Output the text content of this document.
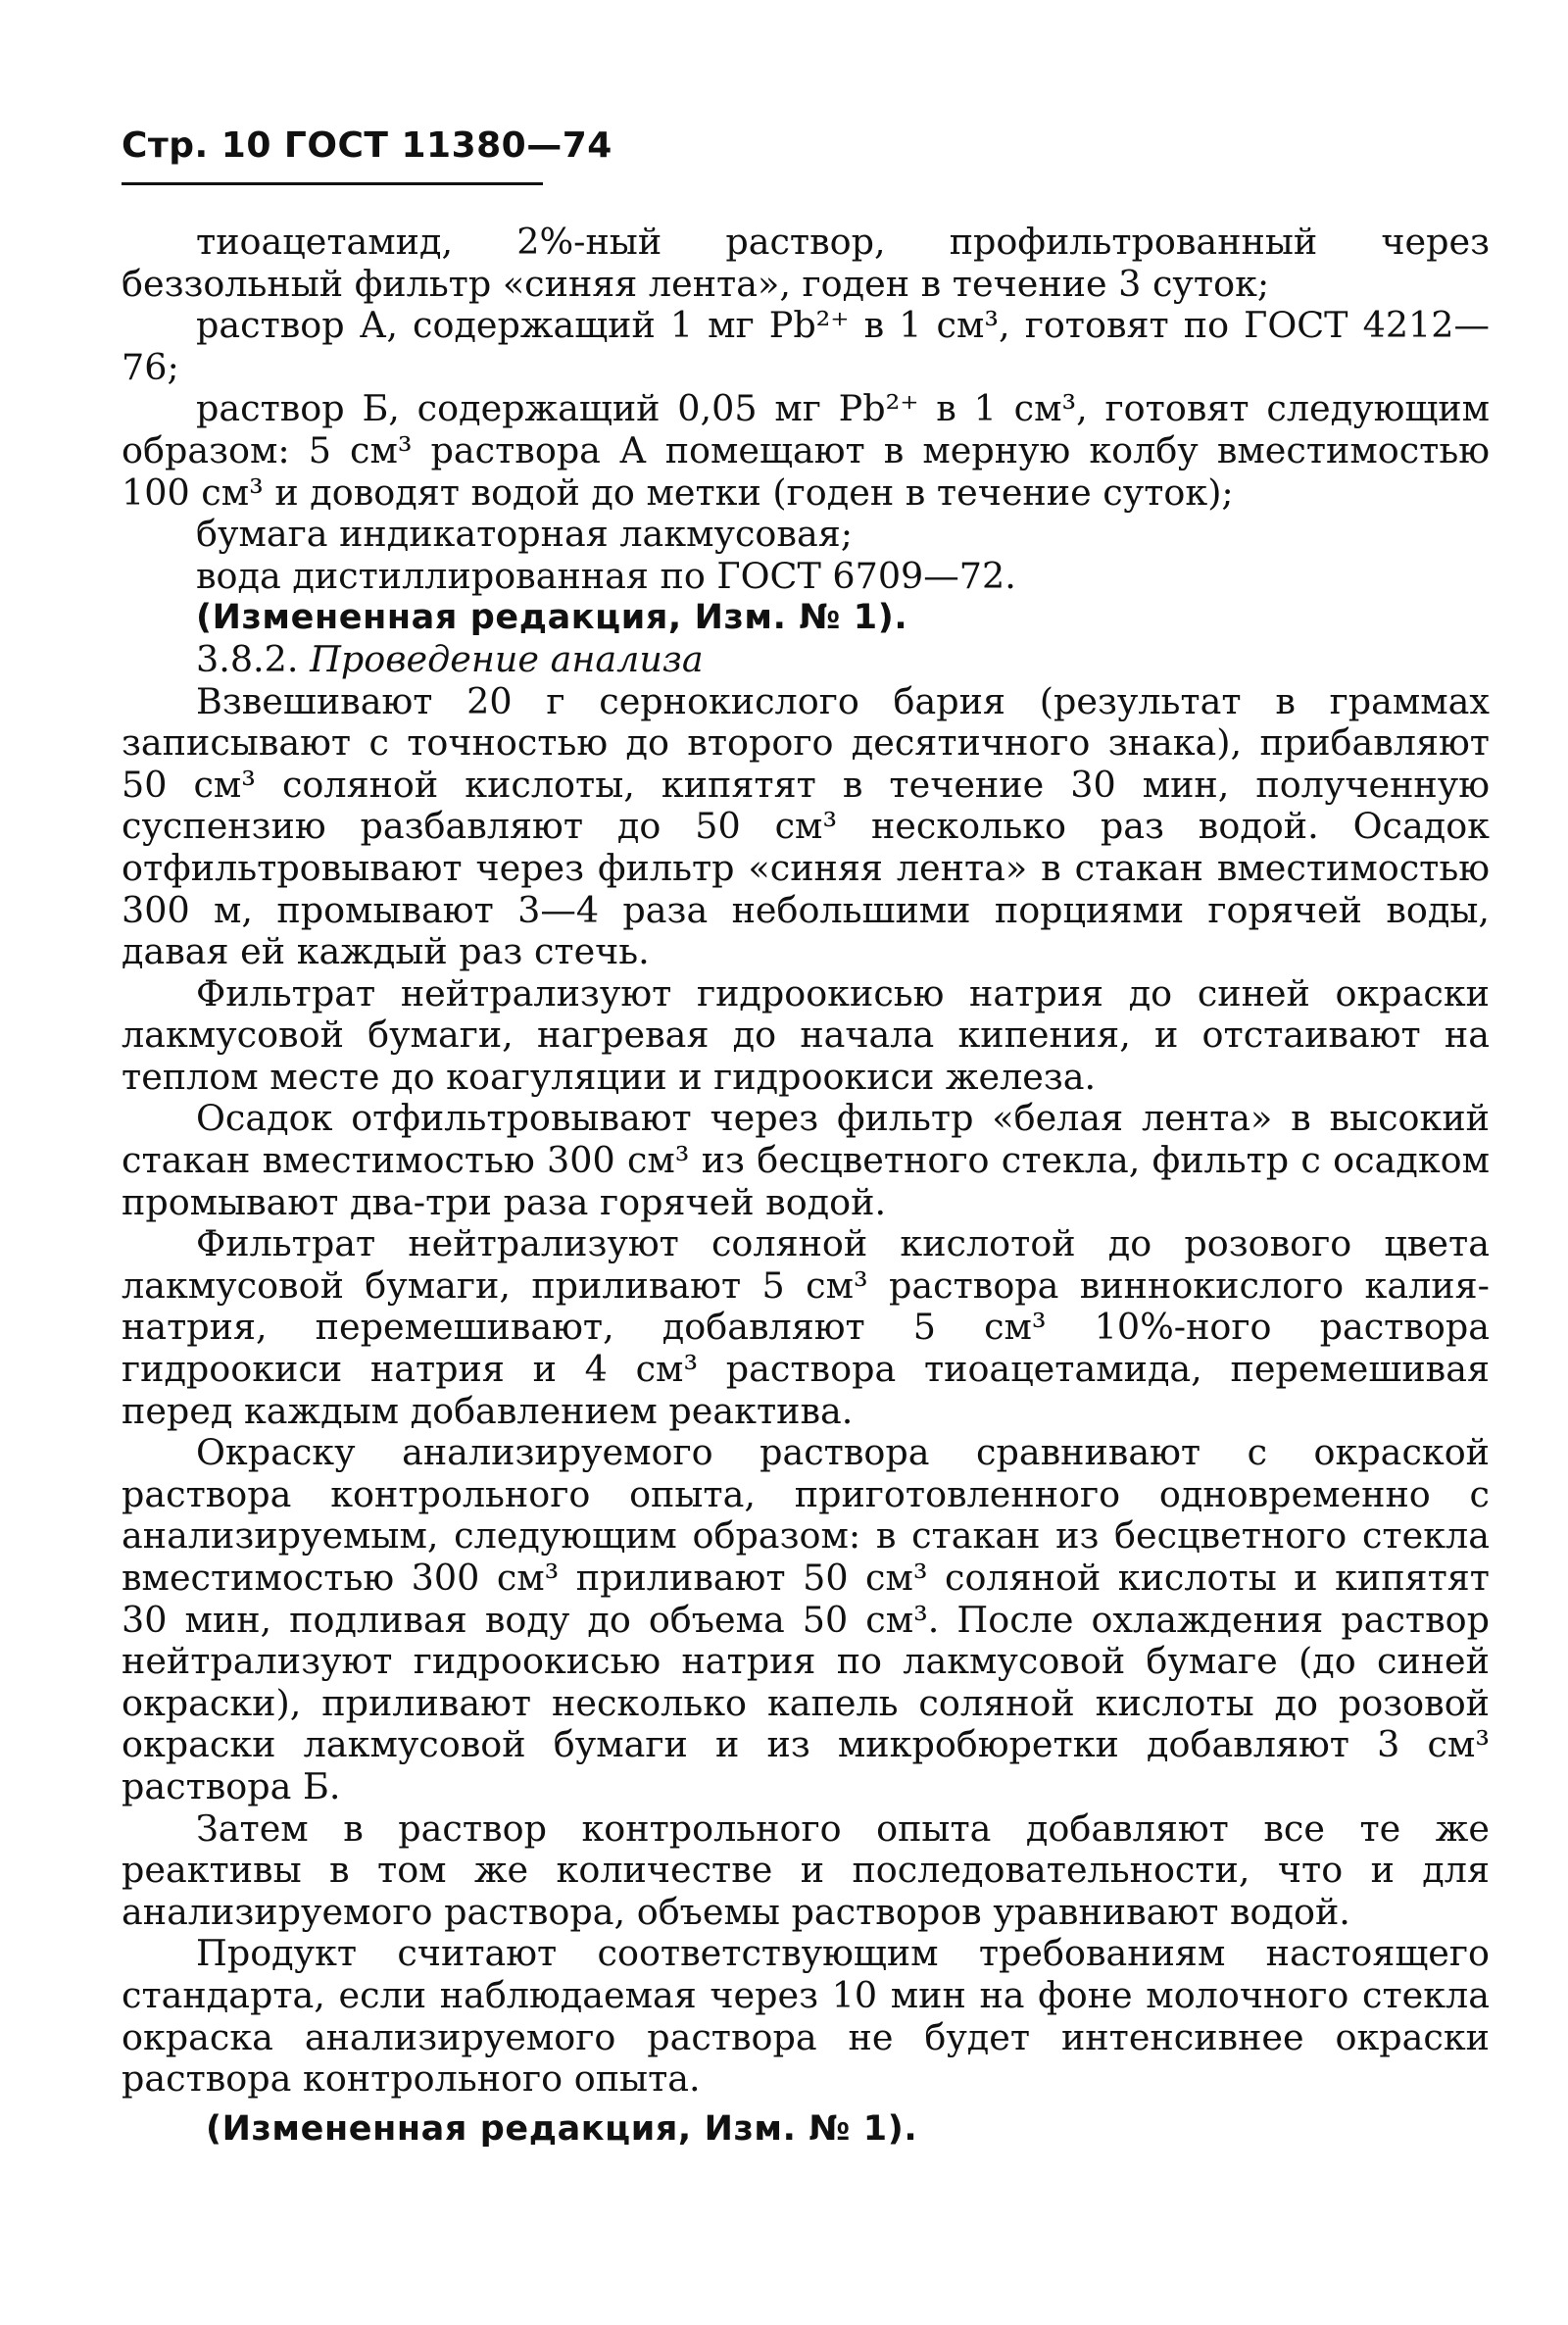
Стр. 10 ГОСТ 11380—74

тиоацетамид, 2%-ный раствор, профильтрованный через беззольный фильтр «синяя лента», годен в течение 3 суток;

раствор А, содержащий 1 мг Pb²⁺ в 1 см³, готовят по ГОСТ 4212—76;

раствор Б, содержащий 0,05 мг Pb²⁺ в 1 см³, готовят следующим образом: 5 см³ раствора А помещают в мерную колбу вместимостью 100 см³ и доводят водой до метки (годен в течение суток);

бумага индикаторная лакмусовая;

вода дистиллированная по ГОСТ 6709—72.

(Измененная редакция, Изм. № 1).

3.8.2. Проведение анализа

Взвешивают 20 г сернокислого бария (результат в граммах записывают с точностью до второго десятичного знака), прибавляют 50 см³ соляной кислоты, кипятят в течение 30 мин, полученную суспензию разбавляют до 50 см³ несколько раз водой. Осадок отфильтровывают через фильтр «синяя лента» в стакан вместимостью 300 м, промывают 3—4 раза небольшими порциями горячей воды, давая ей каждый раз стечь.

Фильтрат нейтрализуют гидроокисью натрия до синей окраски лакмусовой бумаги, нагревая до начала кипения, и отстаивают на теплом месте до коагуляции и гидроокиси железа.

Осадок отфильтровывают через фильтр «белая лента» в высокий стакан вместимостью 300 см³ из бесцветного стекла, фильтр с осадком промывают два-три раза горячей водой.

Фильтрат нейтрализуют соляной кислотой до розового цвета лакмусовой бумаги, приливают 5 см³ раствора виннокислого калия-натрия, перемешивают, добавляют 5 см³ 10%-ного раствора гидроокиси натрия и 4 см³ раствора тиоацетамида, перемешивая перед каждым добавлением реактива.

Окраску анализируемого раствора сравнивают с окраской раствора контрольного опыта, приготовленного одновременно с анализируемым, следующим образом: в стакан из бесцветного стекла вместимостью 300 см³ приливают 50 см³ соляной кислоты и кипятят 30 мин, подливая воду до объема 50 см³. После охлаждения раствор нейтрализуют гидроокисью натрия по лакмусовой бумаге (до синей окраски), приливают несколько капель соляной кислоты до розовой окраски лакмусовой бумаги и из микробюретки добавляют 3 см³ раствора Б.

Затем в раствор контрольного опыта добавляют все те же реактивы в том же количестве и последовательности, что и для анализируемого раствора, объемы растворов уравнивают водой.

Продукт считают соответствующим требованиям настоящего стандарта, если наблюдаемая через 10 мин на фоне молочного стекла окраска анализируемого раствора не будет интенсивнее окраски раствора контрольного опыта.

(Измененная редакция, Изм. № 1).
